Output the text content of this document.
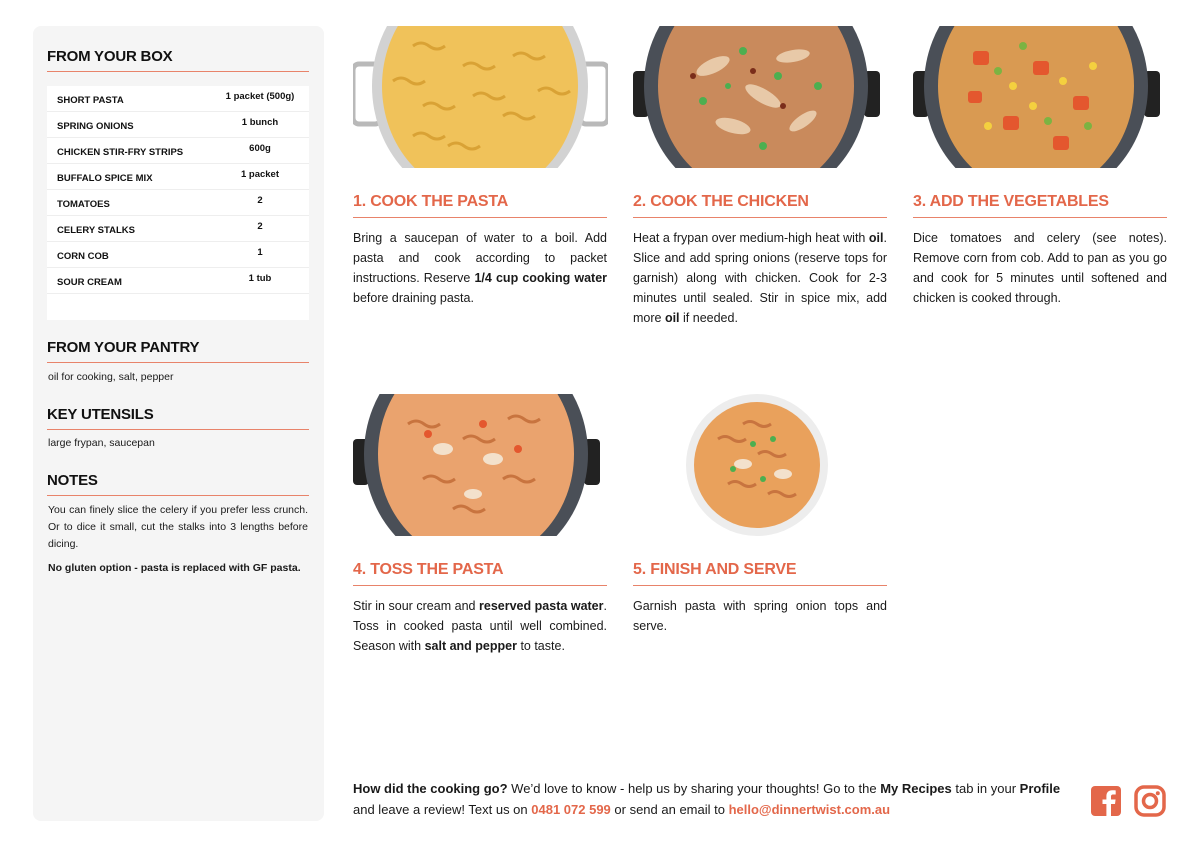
FROM YOUR BOX
SHORT PASTA	1 packet (500g)
SPRING ONIONS	1 bunch
CHICKEN STIR-FRY STRIPS	600g
BUFFALO SPICE MIX	1 packet
TOMATOES	2
CELERY STALKS	2
CORN COB	1
SOUR CREAM	1 tub
FROM YOUR PANTRY
oil for cooking, salt, pepper
KEY UTENSILS
large frypan, saucepan
NOTES
You can finely slice the celery if you prefer less crunch. Or to dice it small, cut the stalks into 3 lengths before dicing.
No gluten option - pasta is replaced with GF pasta.
1. COOK THE PASTA
Bring a saucepan of water to a boil. Add pasta and cook according to packet instructions. Reserve 1/4 cup cooking water before draining pasta.
2. COOK THE CHICKEN
Heat a frypan over medium-high heat with oil. Slice and add spring onions (reserve tops for garnish) along with chicken. Cook for 2-3 minutes until sealed. Stir in spice mix, add more oil if needed.
3. ADD THE VEGETABLES
Dice tomatoes and celery (see notes). Remove corn from cob. Add to pan as you go and cook for 5 minutes until softened and chicken is cooked through.
4. TOSS THE PASTA
Stir in sour cream and reserved pasta water. Toss in cooked pasta until well combined. Season with salt and pepper to taste.
5. FINISH AND SERVE
Garnish pasta with spring onion tops and serve.
How did the cooking go? We’d love to know - help us by sharing your thoughts! Go to the My Recipes tab in your Profile and leave a review! Text us on 0481 072 599 or send an email to hello@dinnertwist.com.au
